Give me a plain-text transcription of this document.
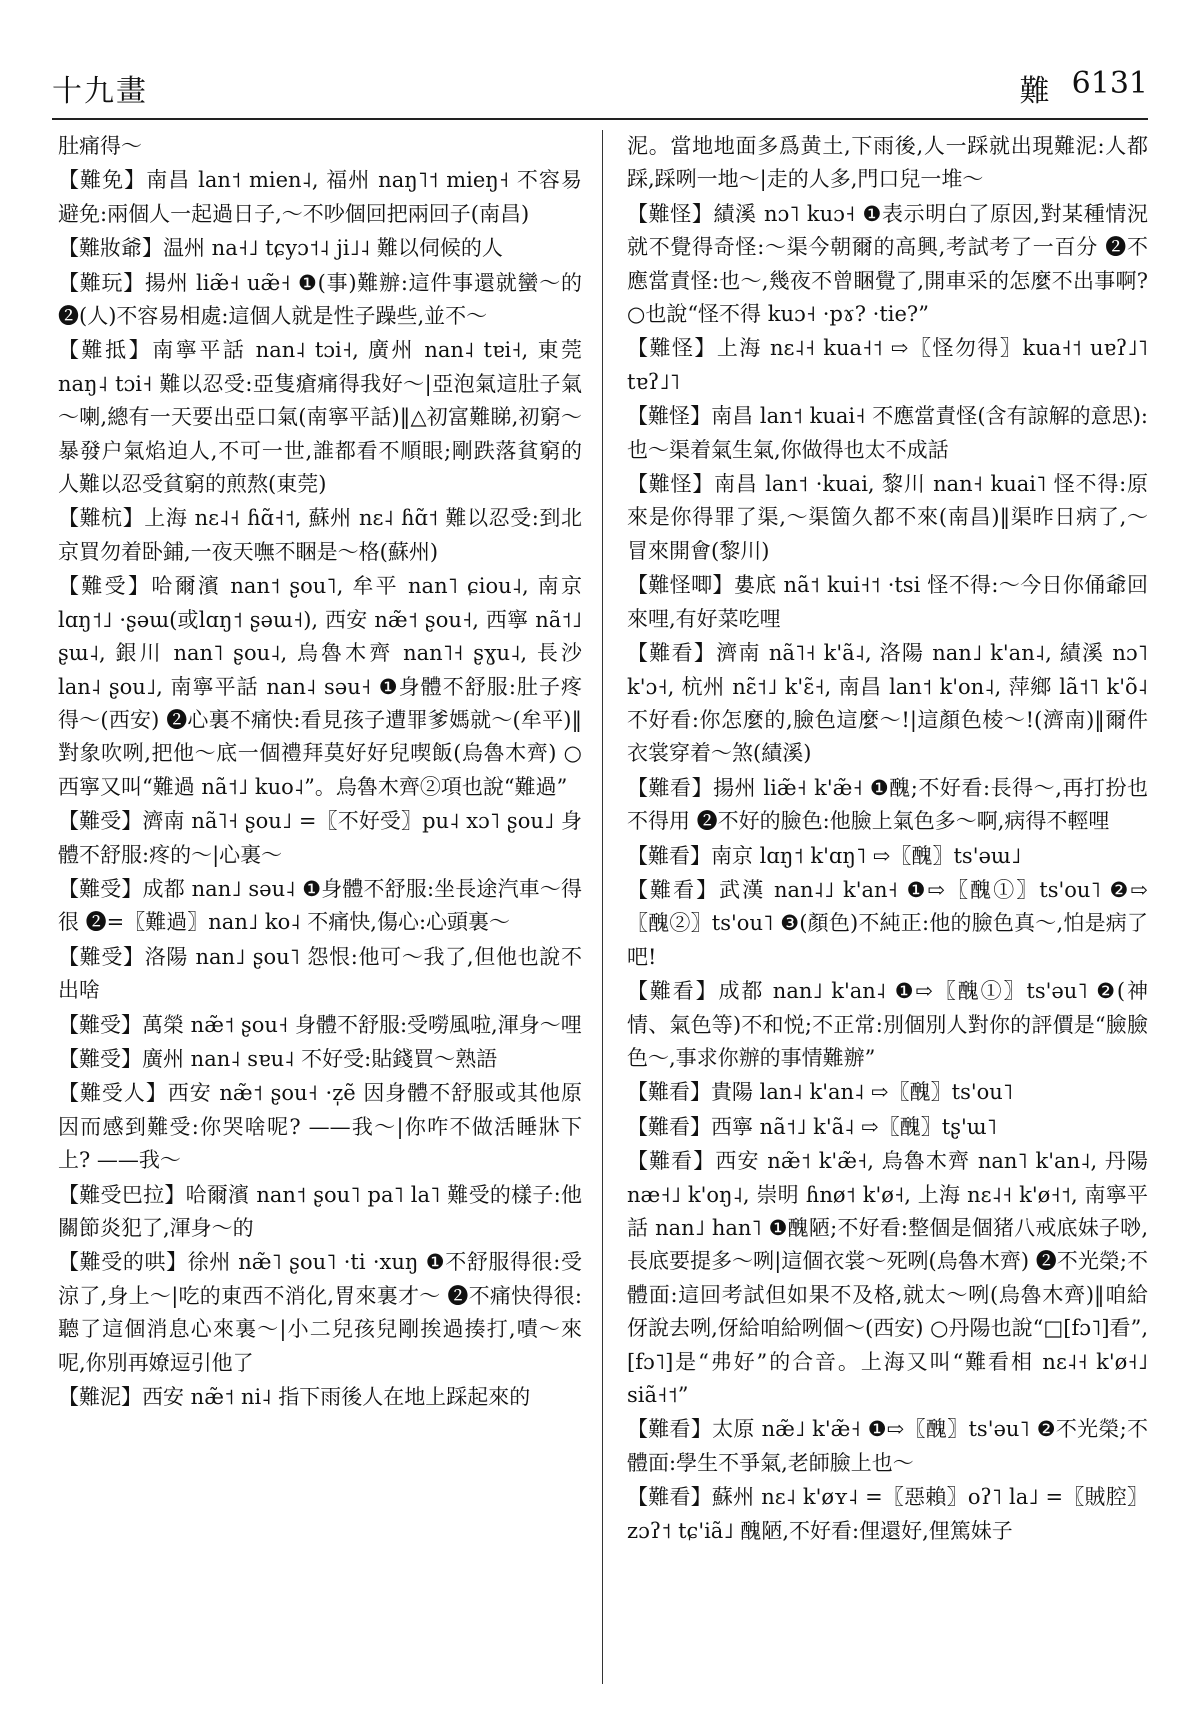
十九畫	難 6131

肚痛得～

【難免】南昌 lan˦ mien˨, 福州 naŋ˥˦ mieŋ˧ 不容易避免:兩個人一起過日子,～不吵個回把兩回子(南昌)

【難妝爺】温州 na˧˩ tɕyɔ˦˨ ji˩˨ 難以伺候的人

【難玩】揚州 liæ̃˧ uæ̃˧ ❶(事)難辦:這件事還就蠻～的 ❷(人)不容易相處:這個人就是性子躁些,並不～

【難抵】南寧平話 nan˨ tɔi˧, 廣州 nan˨ tɐi˧, 東莞 naŋ˨ tɔi˧ 難以忍受:亞隻瘡痛得我好～|亞泡氣這肚子氣～喇,總有一天要出亞口氣(南寧平話)‖△初富難睇,初窮～暴發户氣焰迫人,不可一世,誰都看不順眼;剛跌落貧窮的人難以忍受貧窮的煎熬(東莞)

【難杭】上海 nɛ˨˧ ɦɑ̃˧˦, 蘇州 nɛ˨ ɦɑ̃˦ 難以忍受:到北京買勿着卧鋪,一夜天嘸不睏是～格(蘇州)

【難受】哈爾濱 nan˦ ʂou˥, 牟平 nan˥ ɕiou˨, 南京 lɑŋ˦˩ ·ʂəɯ(或lɑŋ˦ ʂəɯ˧), 西安 næ̃˦ ʂou˧, 西寧 nã˦˩ ʂɯ˨, 銀川 nan˥ ʂou˨, 烏魯木齊 nan˥˧ ʂɣu˨, 長沙 lan˨ ʂou˩, 南寧平話 nan˨ səu˧ ❶身體不舒服:肚子疼得～(西安) ❷心裏不痛快:看見孩子遭罪爹媽就～(牟平)‖對象吹咧,把他～底一個禮拜莫好好兒喫飯(烏魯木齊) ○西寧又叫“難過 nã˦˩ kuo˨”。烏魯木齊②項也說“難過”

【難受】濟南 nã˥˧ ʂou˩ =〖不好受〗pu˨ xɔ˥ ʂou˩ 身體不舒服:疼的～|心裏～

【難受】成都 nan˩ səu˨ ❶身體不舒服:坐長途汽車～得很 ❷=〖難過〗nan˩ ko˨ 不痛快,傷心:心頭裏～

【難受】洛陽 nan˩ ʂou˥ 怨恨:他可～我了,但他也說不出啥

【難受】萬榮 næ̃˦ ʂou˧ 身體不舒服:受嘮風啦,渾身～哩

【難受】廣州 nan˨ sɐu˨ 不好受:貼錢買～熟語

【難受人】西安 næ̃˦ ʂou˧ ·z̩ẽ 因身體不舒服或其他原因而感到難受:你哭啥呢? ——我～|你咋不做活睡牀下上? ——我～

【難受巴拉】哈爾濱 nan˦ ʂou˥ pa˥ la˥ 難受的樣子:他關節炎犯了,渾身～的

【難受的哄】徐州 næ̃˥ ʂou˥ ·ti ·xuŋ ❶不舒服得很:受涼了,身上～|吃的東西不消化,胃來裏才～ ❷不痛快得很:聽了這個消息心來裏～|小二兒孩兒剛挨過揍打,嘖～來呢,你別再嫽逗引他了

【難泥】西安 næ̃˦ ni˨ 指下雨後人在地上踩起來的

泥。當地地面多爲黄土,下雨後,人一踩就出現難泥:人都踩,踩咧一地～|走的人多,門口兒一堆～

【難怪】績溪 nɔ˥ kuɔ˧ ❶表示明白了原因,對某種情況就不覺得奇怪:～渠今朝爾的高興,考試考了一百分 ❷不應當責怪:也～,幾夜不曾睏覺了,開車采的怎麼不出事啊? ○也說“怪不得 kuɔ˧ ·pɤ? ·tie?”

【難怪】上海 nɛ˨˧ kua˧˦ ⇨〖怪勿得〗kua˧˦ uɐʔ˩˥ tɐʔ˩˥

【難怪】南昌 lan˦ kuai˧ 不應當責怪(含有諒解的意思):也～渠着氣生氣,你做得也太不成話

【難怪】南昌 lan˦ ·kuai, 黎川 nan˧ kuai˥ 怪不得:原來是你得罪了渠,～渠箇久都不來(南昌)‖渠昨日病了,～冒來開會(黎川)

【難怪唧】婁底 nã˦ kui˧˦ ·tsi 怪不得:～今日你俑爺回來哩,有好菜吃哩

【難看】濟南 nã˥˧ k'ã˨, 洛陽 nan˩ k'an˨, 績溪 nɔ˥ k'ɔ˧, 杭州 nɛ̃˦˩ k'ɛ̃˧, 南昌 lan˦ k'on˨, 萍鄉 lã˦˥ k'õ˨ 不好看:你怎麼的,臉色這麼～!|這顏色棱～!(濟南)‖爾件衣裳穿着～煞(績溪)

【難看】揚州 liæ̃˧ k'æ̃˧ ❶醜;不好看:長得～,再打扮也不得用 ❷不好的臉色:他臉上氣色多～啊,病得不輕哩

【難看】南京 lɑŋ˦ k'ɑŋ˥ ⇨〖醜〗ts'əɯ˩

【難看】武漢 nan˨˩ k'an˧ ❶⇨〖醜①〗ts'ou˥ ❷⇨〖醜②〗ts'ou˥ ❸(顏色)不純正:他的臉色真～,怕是病了吧!

【難看】成都 nan˩ k'an˨ ❶⇨〖醜①〗ts'əu˥ ❷(神情、氣色等)不和悦;不正常:別個別人對你的評價是“臉臉色～,事求你辦的事情難辦”

【難看】貴陽 lan˨ k'an˨ ⇨〖醜〗ts'ou˥

【難看】西寧 nã˦˩ k'ã˨ ⇨〖醜〗tʂ'ɯ˥

【難看】西安 næ̃˦ k'æ̃˧, 烏魯木齊 nan˥ k'an˨, 丹陽 næ˧˩ k'oŋ˨, 崇明 ɦnø˦ k'ø˧, 上海 nɛ˨˧ k'ø˧˦, 南寧平話 nan˩ han˥ ❶醜陋;不好看:整個是個猪八戒底妹子唦,長底要提多～咧|這個衣裳～死咧(烏魯木齊) ❷不光榮;不體面:這回考試但如果不及格,就太～咧(烏魯木齊)‖咱給伢說去咧,伢給咱給咧個～(西安) ○丹陽也說“□[fɔ˥]看”,[fɔ˥]是“弗好”的合音。上海又叫“難看相 nɛ˨˧ k'ø˧˩ siã˧˦”

【難看】太原 næ̃˩ k'æ̃˧ ❶⇨〖醜〗ts'əu˥ ❷不光榮;不體面:學生不爭氣,老師臉上也～

【難看】蘇州 nɛ˨ k'øʏ˨ =〖惡賴〗oʔ˥ la˩ =〖賊腔〗zɔʔ˦ tɕ'iã˩ 醜陋,不好看:俚還好,俚篤妹子
